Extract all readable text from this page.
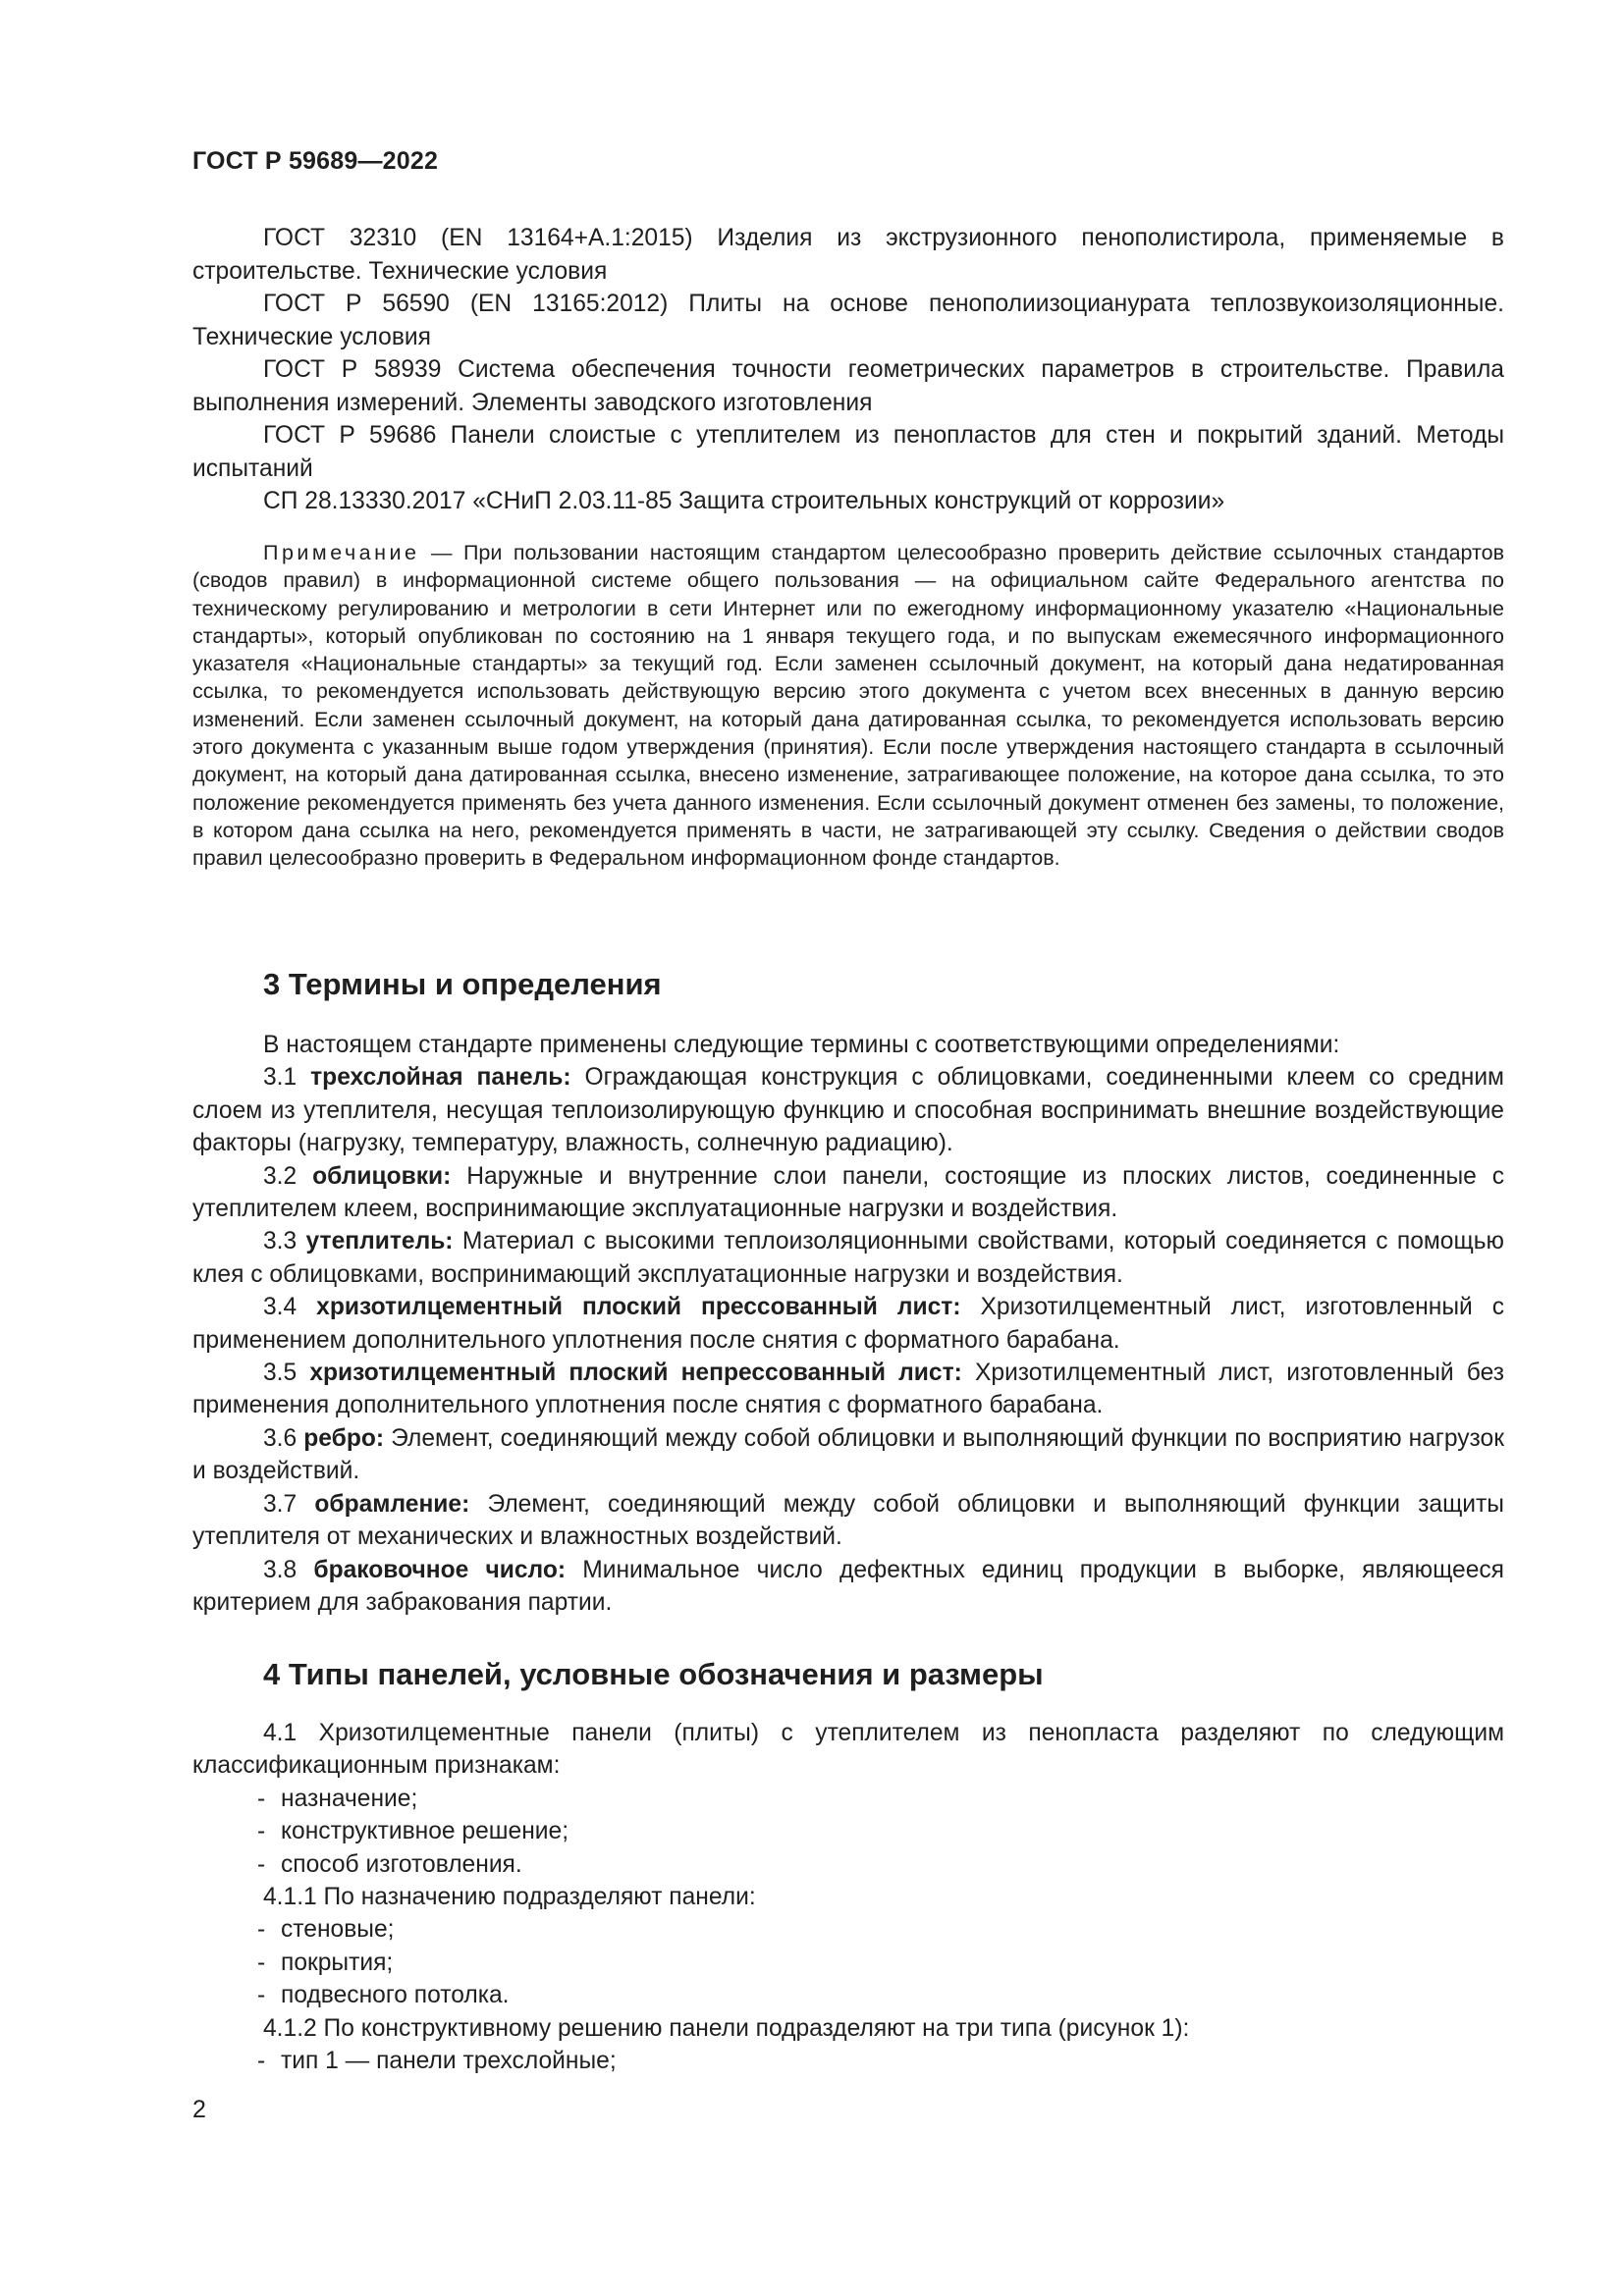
ГОСТ Р 59689—2022

ГОСТ 32310 (EN 13164+A.1:2015) Изделия из экструзионного пенополистирола, применяемые в строительстве. Технические условия

ГОСТ Р 56590 (EN 13165:2012) Плиты на основе пенополиизоцианурата теплозвукоизоляционные. Технические условия

ГОСТ Р 58939 Система обеспечения точности геометрических параметров в строительстве. Правила выполнения измерений. Элементы заводского изготовления

ГОСТ Р 59686 Панели слоистые с утеплителем из пенопластов для стен и покрытий зданий. Методы испытаний

СП 28.13330.2017 «СНиП 2.03.11-85 Защита строительных конструкций от коррозии»

Примечание — При пользовании настоящим стандартом целесообразно проверить действие ссылочных стандартов (сводов правил) в информационной системе общего пользования — на официальном сайте Федерального агентства по техническому регулированию и метрологии в сети Интернет или по ежегодному информационному указателю «Национальные стандарты», который опубликован по состоянию на 1 января текущего года, и по выпускам ежемесячного информационного указателя «Национальные стандарты» за текущий год. Если заменен ссылочный документ, на который дана недатированная ссылка, то рекомендуется использовать действующую версию этого документа с учетом всех внесенных в данную версию изменений. Если заменен ссылочный документ, на который дана датированная ссылка, то рекомендуется использовать версию этого документа с указанным выше годом утверждения (принятия). Если после утверждения настоящего стандарта в ссылочный документ, на который дана датированная ссылка, внесено изменение, затрагивающее положение, на которое дана ссылка, то это положение рекомендуется применять без учета данного изменения. Если ссылочный документ отменен без замены, то положение, в котором дана ссылка на него, рекомендуется применять в части, не затрагивающей эту ссылку. Сведения о действии сводов правил целесообразно проверить в Федеральном информационном фонде стандартов.

3 Термины и определения

В настоящем стандарте применены следующие термины с соответствующими определениями:

3.1 трехслойная панель: Ограждающая конструкция с облицовками, соединенными клеем со средним слоем из утеплителя, несущая теплоизолирующую функцию и способная воспринимать внешние воздействующие факторы (нагрузку, температуру, влажность, солнечную радиацию).

3.2 облицовки: Наружные и внутренние слои панели, состоящие из плоских листов, соединенные с утеплителем клеем, воспринимающие эксплуатационные нагрузки и воздействия.

3.3 утеплитель: Материал с высокими теплоизоляционными свойствами, который соединяется с помощью клея с облицовками, воспринимающий эксплуатационные нагрузки и воздействия.

3.4 хризотилцементный плоский прессованный лист: Хризотилцементный лист, изготовленный с применением дополнительного уплотнения после снятия с форматного барабана.

3.5 хризотилцементный плоский непрессованный лист: Хризотилцементный лист, изготовленный без применения дополнительного уплотнения после снятия с форматного барабана.

3.6 ребро: Элемент, соединяющий между собой облицовки и выполняющий функции по восприятию нагрузок и воздействий.

3.7 обрамление: Элемент, соединяющий между собой облицовки и выполняющий функции защиты утеплителя от механических и влажностных воздействий.

3.8 браковочное число: Минимальное число дефектных единиц продукции в выборке, являющееся критерием для забракования партии.

4 Типы панелей, условные обозначения и размеры

4.1 Хризотилцементные панели (плиты) с утеплителем из пенопласта разделяют по следующим классификационным признакам:

- назначение;
- конструктивное решение;
- способ изготовления.

4.1.1 По назначению подразделяют панели:

- стеновые;
- покрытия;
- подвесного потолка.

4.1.2 По конструктивному решению панели подразделяют на три типа (рисунок 1):

- тип 1 — панели трехслойные;
2
